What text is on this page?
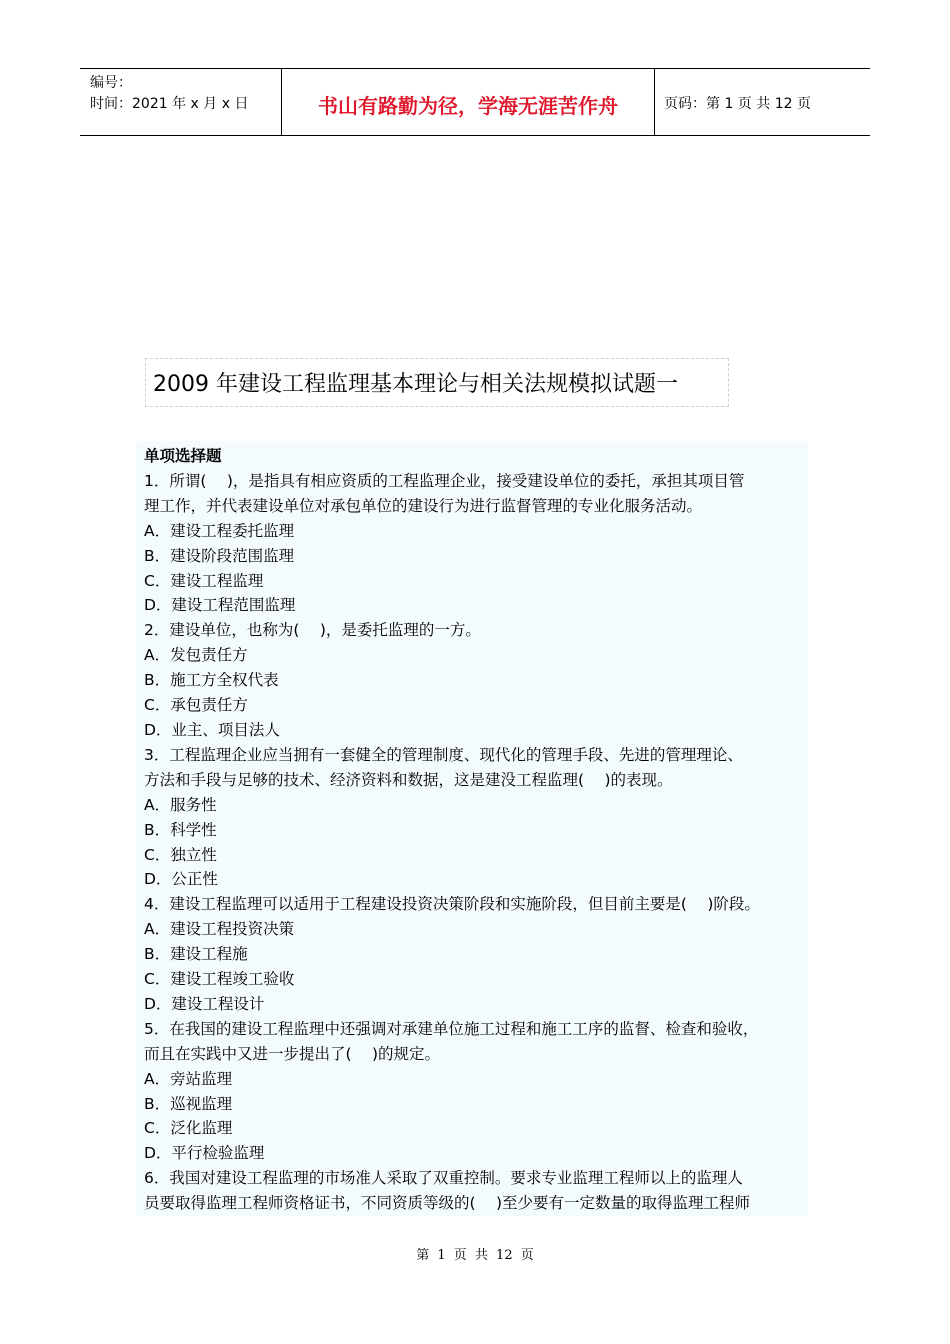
编号：
时间：2021 年 x 月 x 日	书山有路勤为径，学海无涯苦作舟	页码：第 1 页 共 12 页
2009 年建设工程监理基本理论与相关法规模拟试题一
单项选择题
1．所谓(　 )，是指具有相应资质的工程监理企业，接受建设单位的委托，承担其项目管
理工作，并代表建设单位对承包单位的建设行为进行监督管理的专业化服务活动。
A．建设工程委托监理
B．建设阶段范围监理
C．建设工程监理
D．建设工程范围监理
2．建设单位，也称为(　 )，是委托监理的一方。
A．发包责任方
B．施工方全权代表
C．承包责任方
D．业主、项目法人
3．工程监理企业应当拥有一套健全的管理制度、现代化的管理手段、先进的管理理论、
方法和手段与足够的技术、经济资料和数据，这是建没工程监理(　 )的表现。
A．服务性
B．科学性
C．独立性
D．公正性
4．建设工程监理可以适用于工程建设投资决策阶段和实施阶段，但目前主要是(　 )阶段。
A．建设工程投资决策
B．建设工程施
C．建设工程竣工验收
D．建设工程设计
5．在我国的建设工程监理中还强调对承建单位施工过程和施工工序的监督、检查和验收，
而且在实践中又进一步提出了(　 )的规定。
A．旁站监理
B．巡视监理
C．泛化监理
D．平行检验监理
6．我国对建设工程监理的市场准人采取了双重控制。要求专业监理工程师以上的监理人
员要取得监理工程师资格证书，不同资质等级的(　 )至少要有一定数量的取得监理工程师
第 1 页 共 12 页
